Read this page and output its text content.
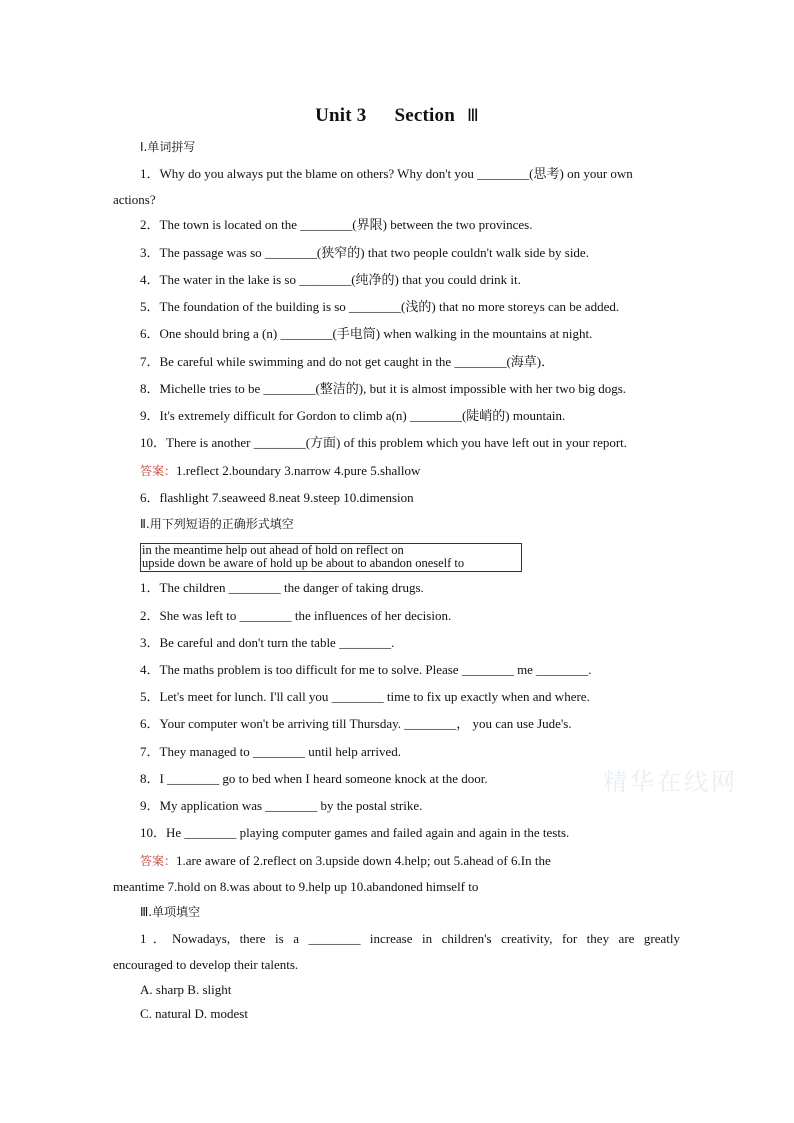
Unit 3 Section Ⅲ
Ⅰ.单词拼写
1．Why do you always put the blame on others? Why don't you ________(思考) on your own
actions?
2．The town is located on the ________(界限) between the two provinces.
3．The passage was so ________(狭窄的) that two people couldn't walk side by side.
4．The water in the lake is so ________(纯净的) that you could drink it.
5．The foundation of the building is so ________(浅的) that no more storeys can be added.
6．One should bring a (n) ________(手电筒) when walking in the mountains at night.
7．Be careful while swimming and do not get caught in the ________(海草)．
8．Michelle tries to be ________(整洁的), but it is almost impossible with her two big dogs.
9．It's extremely difficult for Gordon to climb a(n) ________(陡峭的) mountain.
10．There is another ________(方面) of this problem which you have left out in your report.
答案：1.reflect 2.boundary 3.narrow 4.pure 5.shallow
6．flashlight 7.seaweed 8.neat 9.steep 10.dimension
Ⅱ.用下列短语的正确形式填空
in the meantime help out ahead of hold on reflect on
upside down be aware of hold up be about to abandon oneself to
1．The children ________ the danger of taking drugs.
2．She was left to ________ the influences of her decision.
3．Be careful and don't turn the table ________.
4．The maths problem is too difficult for me to solve. Please ________ me ________.
5．Let's meet for lunch. I'll call you ________ time to fix up exactly when and where.
6．Your computer won't be arriving till Thursday. ________， you can use Jude's.
7．They managed to ________ until help arrived.
8．I ________ go to bed when I heard someone knock at the door.
9．My application was ________ by the postal strike.
10．He ________ playing computer games and failed again and again in the tests.
答案：1.are aware of 2.reflect on 3.upside down 4.help; out 5.ahead of 6.In the
meantime 7.hold on 8.was about to 9.help up 10.abandoned himself to
Ⅲ.单项填空
1．Nowadays, there is a ________ increase in children's creativity, for they are greatly
encouraged to develop their talents.
A. sharp B. slight
C. natural D. modest
精华在线网
